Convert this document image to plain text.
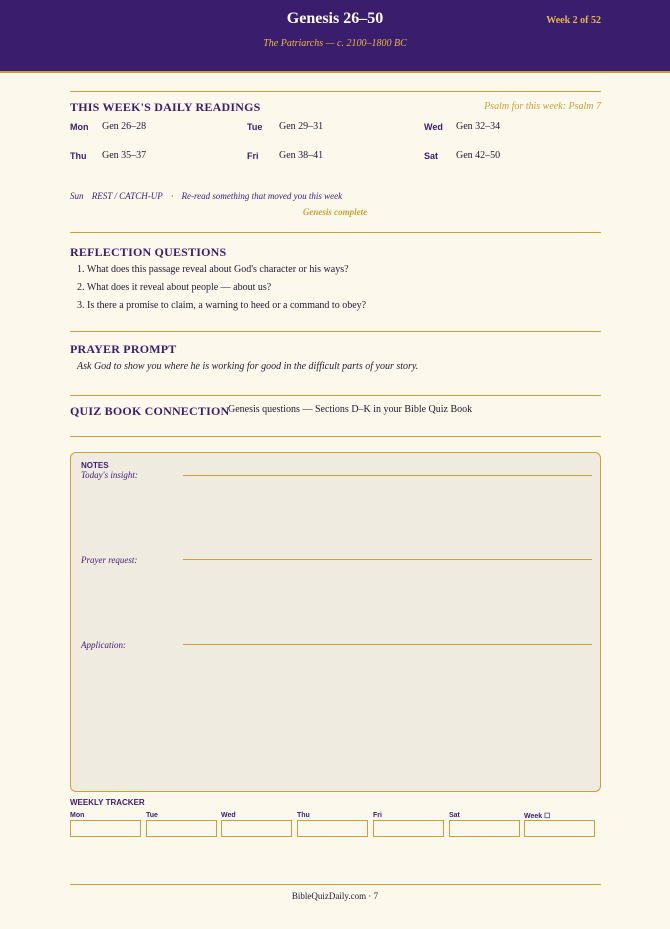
Genesis 26–50
The Patriarchs — c. 2100–1800 BC
Week 2 of 52
THIS WEEK'S DAILY READINGS	Psalm for this week: Psalm 7
Mon Gen 26–28	Tue Gen 29–31	Wed Gen 32–34
Thu Gen 35–37	Fri Gen 38–41	Sat Gen 42–50
Sun REST / CATCH-UP · Re-read something that moved you this week
Genesis complete
REFLECTION QUESTIONS
1. What does this passage reveal about God's character or his ways?
2. What does it reveal about people — about us?
3. Is there a promise to claim, a warning to heed or a command to obey?
PRAYER PROMPT
Ask God to show you where he is working for good in the difficult parts of your story.
QUIZ BOOK CONNECTION
Genesis questions — Sections D–K in your Bible Quiz Book
NOTES
Today's insight:
Prayer request:
Application:
WEEKLY TRACKER
Mon	Tue	Wed	Thu	Fri	Sat	Week ☐
BibleQuizDaily.com · 7
